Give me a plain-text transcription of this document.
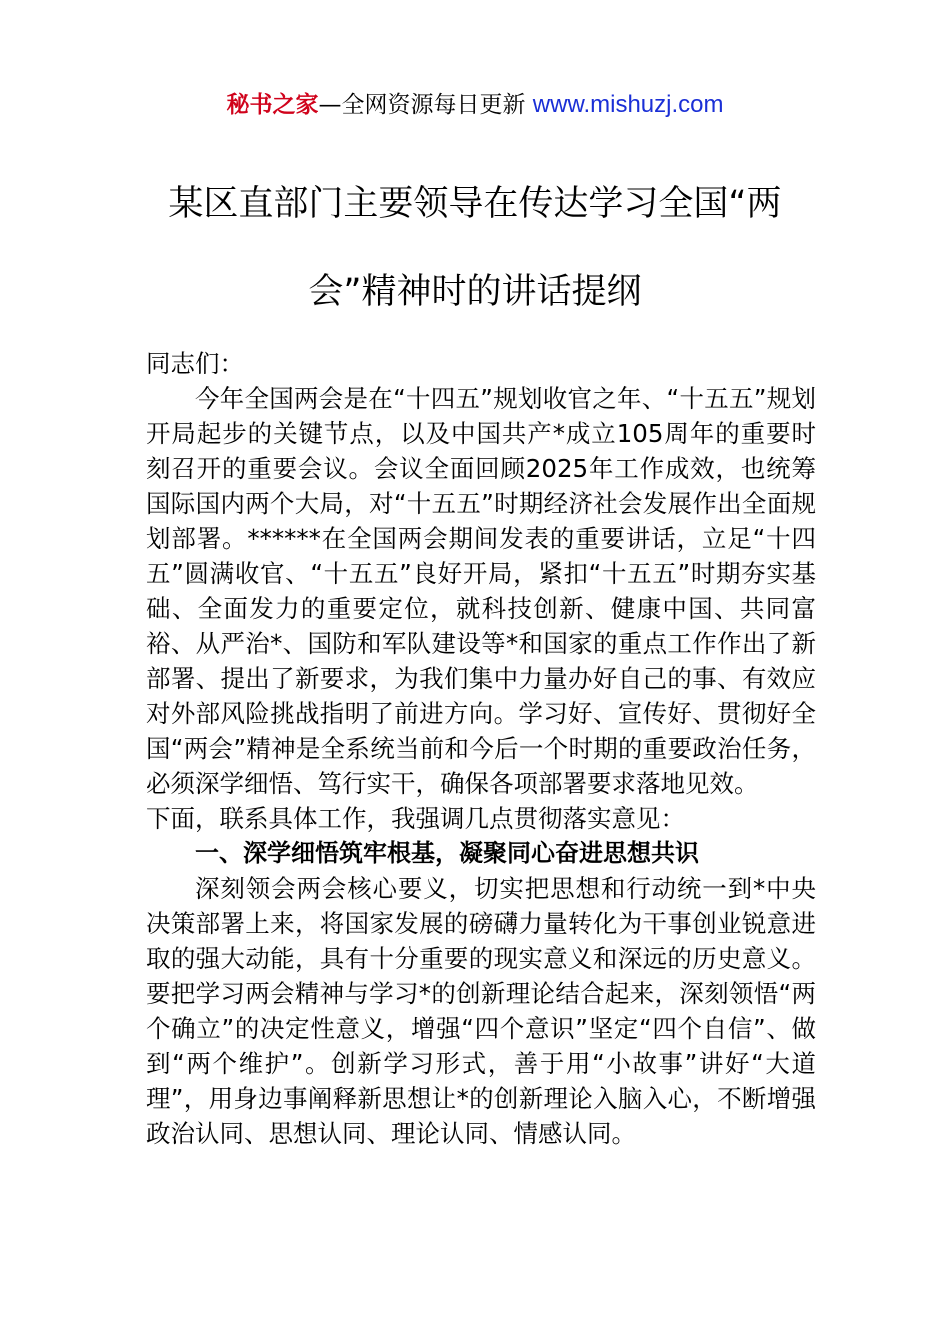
秘书之家—全网资源每日更新 www.mishuzj.com
某区直部门主要领导在传达学习全国“两会”精神时的讲话提纲

同志们：

今年全国两会是在“十四五”规划收官之年、“十五五”规划开局起步的关键节点，以及中国共产*成立105周年的重要时刻召开的重要会议。会议全面回顾2025年工作成效，也统筹国际国内两个大局，对“十五五”时期经济社会发展作出全面规划部署。******在全国两会期间发表的重要讲话，立足“十四五”圆满收官、“十五五”良好开局，紧扣“十五五”时期夯实基础、全面发力的重要定位，就科技创新、健康中国、共同富裕、从严治*、国防和军队建设等*和国家的重点工作作出了新部署、提出了新要求，为我们集中力量办好自己的事、有效应对外部风险挑战指明了前进方向。学习好、宣传好、贯彻好全国“两会”精神是全系统当前和今后一个时期的重要政治任务，必须深学细悟、笃行实干，确保各项部署要求落地见效。

下面，联系具体工作，我强调几点贯彻落实意见：

一、深学细悟筑牢根基，凝聚同心奋进思想共识

深刻领会两会核心要义，切实把思想和行动统一到*中央决策部署上来，将国家发展的磅礴力量转化为干事创业锐意进取的强大动能，具有十分重要的现实意义和深远的历史意义。要把学习两会精神与学习*的创新理论结合起来，深刻领悟“两个确立”的决定性意义，增强“四个意识”坚定“四个自信”、做到“两个维护”。创新学习形式，善于用“小故事”讲好“大道理”，用身边事阐释新思想让*的创新理论入脑入心，不断增强政治认同、思想认同、理论认同、情感认同。
